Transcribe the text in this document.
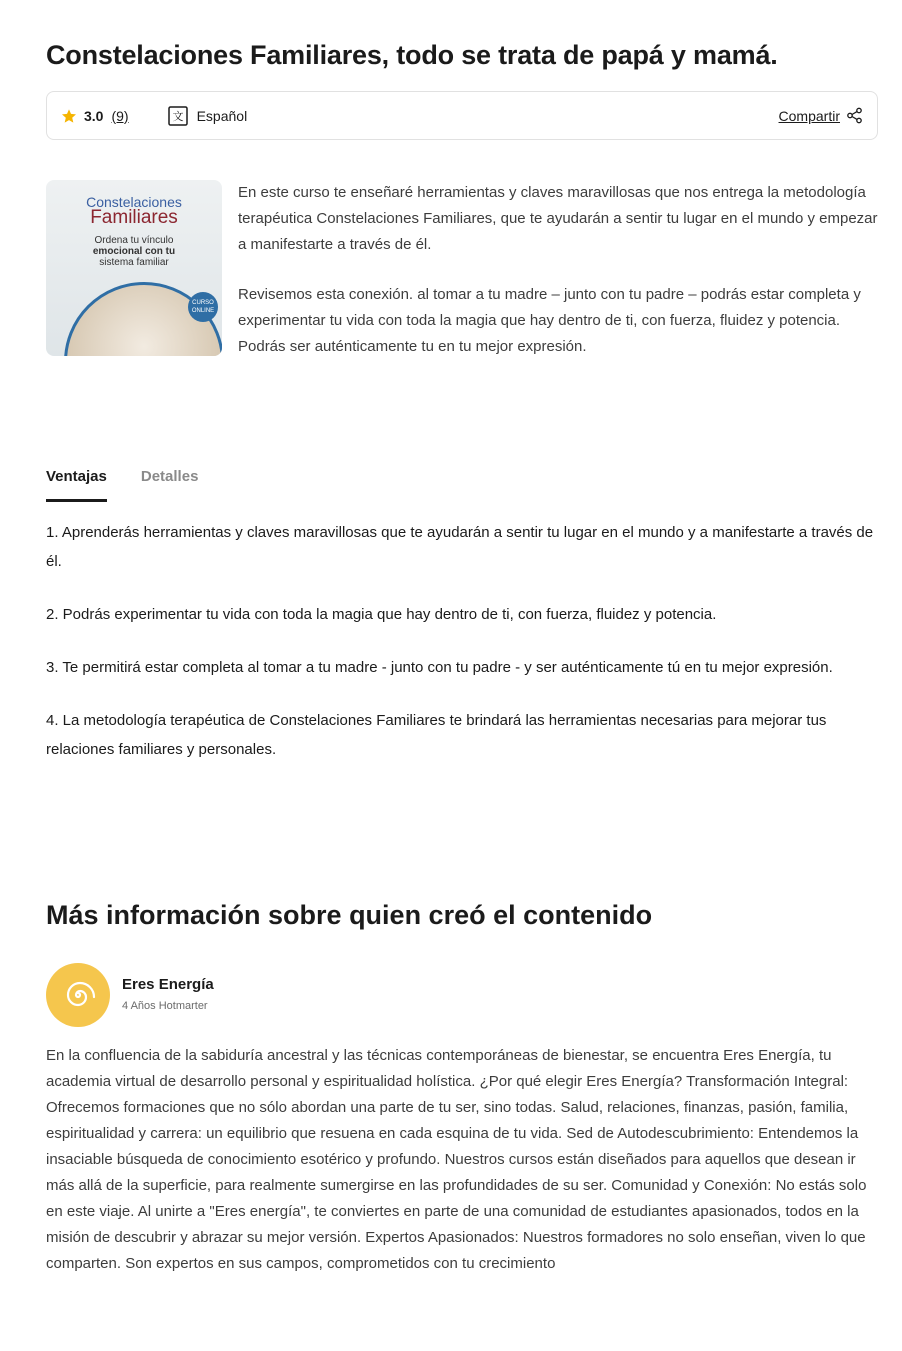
Constelaciones Familiares, todo se trata de papá y mamá.
3.0 (9)	文 Español	Compartir
Constelaciones
Familiares
Ordena tu vínculo
emocional con tu
sistema familiar
CURSO ONLINE

En este curso te enseñaré herramientas y claves maravillosas que nos entrega la metodología terapéutica Constelaciones Familiares, que te ayudarán a sentir tu lugar en el mundo y empezar a manifestarte a través de él.

Revisemos esta conexión. al tomar a tu madre – junto con tu padre – podrás estar completa y experimentar tu vida con toda la magia que hay dentro de ti, con fuerza, fluidez y potencia. Podrás ser auténticamente tu en tu mejor expresión.

Ventajas Detalles

1. Aprenderás herramientas y claves maravillosas que te ayudarán a sentir tu lugar en el mundo y a manifestarte a través de él.

2. Podrás experimentar tu vida con toda la magia que hay dentro de ti, con fuerza, fluidez y potencia.

3. Te permitirá estar completa al tomar a tu madre - junto con tu padre - y ser auténticamente tú en tu mejor expresión.

4. La metodología terapéutica de Constelaciones Familiares te brindará las herramientas necesarias para mejorar tus relaciones familiares y personales.

Más información sobre quien creó el contenido
Eres Energía
4 Años Hotmarter

En la confluencia de la sabiduría ancestral y las técnicas contemporáneas de bienestar, se encuentra Eres Energía, tu academia virtual de desarrollo personal y espiritualidad holística. ¿Por qué elegir Eres Energía? Transformación Integral: Ofrecemos formaciones que no sólo abordan una parte de tu ser, sino todas. Salud, relaciones, finanzas, pasión, familia, espiritualidad y carrera: un equilibrio que resuena en cada esquina de tu vida. Sed de Autodescubrimiento: Entendemos la insaciable búsqueda de conocimiento esotérico y profundo. Nuestros cursos están diseñados para aquellos que desean ir más allá de la superficie, para realmente sumergirse en las profundidades de su ser. Comunidad y Conexión: No estás solo en este viaje. Al unirte a "Eres energía", te conviertes en parte de una comunidad de estudiantes apasionados, todos en la misión de descubrir y abrazar su mejor versión. Expertos Apasionados: Nuestros formadores no solo enseñan, viven lo que comparten. Son expertos en sus campos, comprometidos con tu crecimiento
